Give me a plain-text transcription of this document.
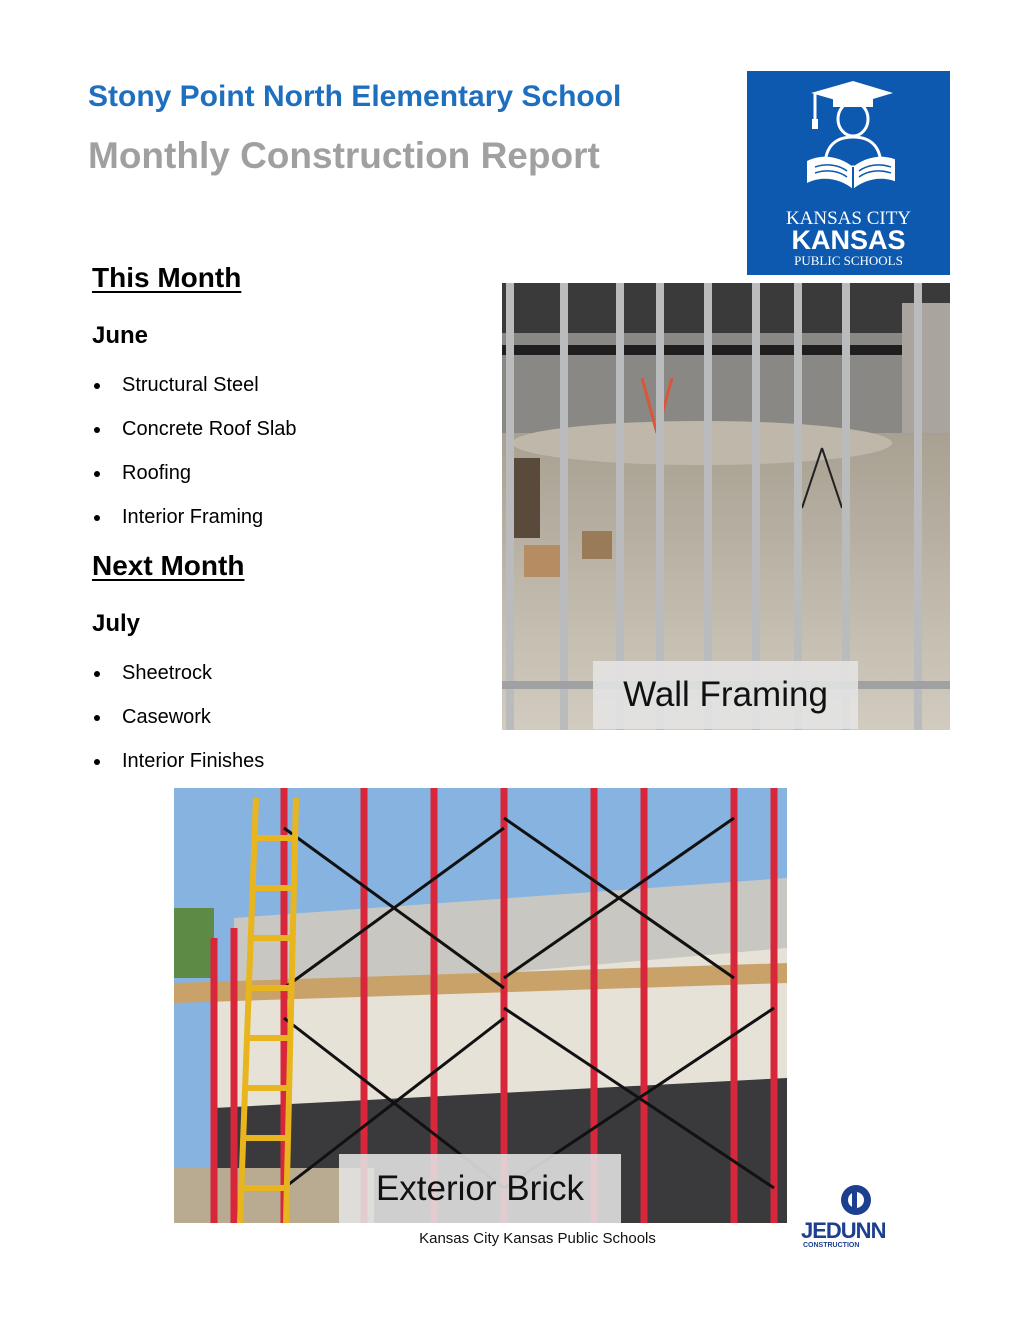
Stony Point North Elementary School
Monthly Construction Report
KANSAS CITY
KANSAS
PUBLIC SCHOOLS
This Month
June
Structural Steel
Concrete Roof Slab
Roofing
Interior Framing
Next Month
July
Sheetrock
Casework
Interior Finishes
Wall Framing
Exterior Brick
Kansas City Kansas Public Schools	JEDUNN
CONSTRUCTION
